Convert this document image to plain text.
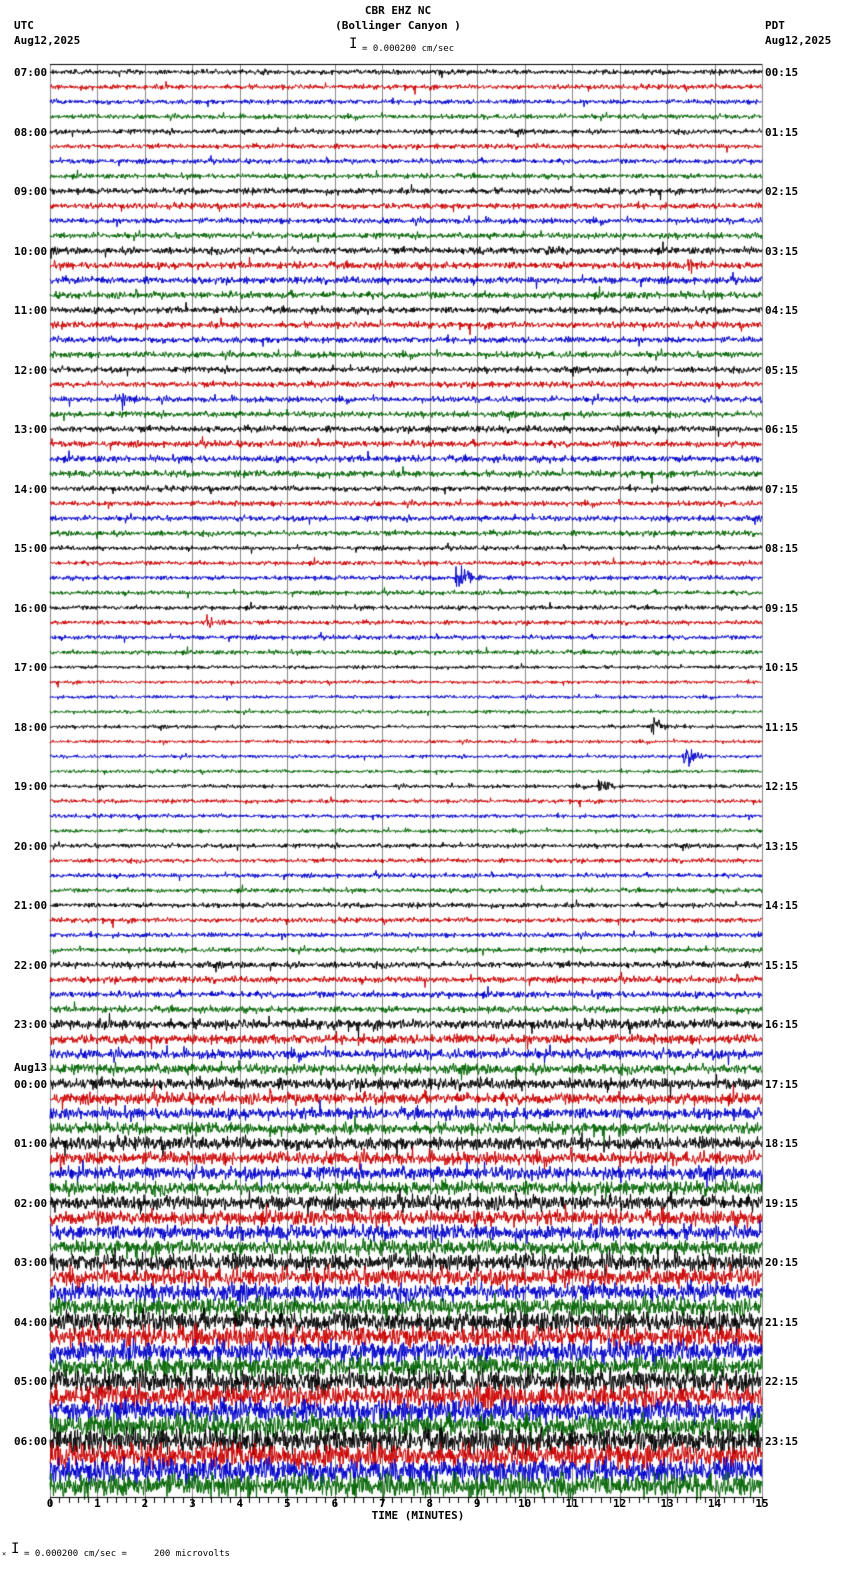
CBR EHZ NC
(Bollinger Canyon )
I = 0.000200 cm/sec
UTC
Aug12,2025
PDT
Aug12,2025
07:00
08:00
09:00
10:00
11:00
12:00
13:00
14:00
15:00
16:00
17:00
18:00
19:00
20:00
21:00
22:00
23:00
00:00
01:00
02:00
03:00
04:00
05:00
06:00
00:15
01:15
02:15
03:15
04:15
05:15
06:15
07:15
08:15
09:15
10:15
11:15
12:15
13:15
14:15
15:15
16:15
17:15
18:15
19:15
20:15
21:15
22:15
23:15
Aug13
0	1	2	3	4	5	6	7	8	9	10	11	12	13	14	15
TIME (MINUTES)
× I = 0.000200 cm/sec =     200 microvolts
